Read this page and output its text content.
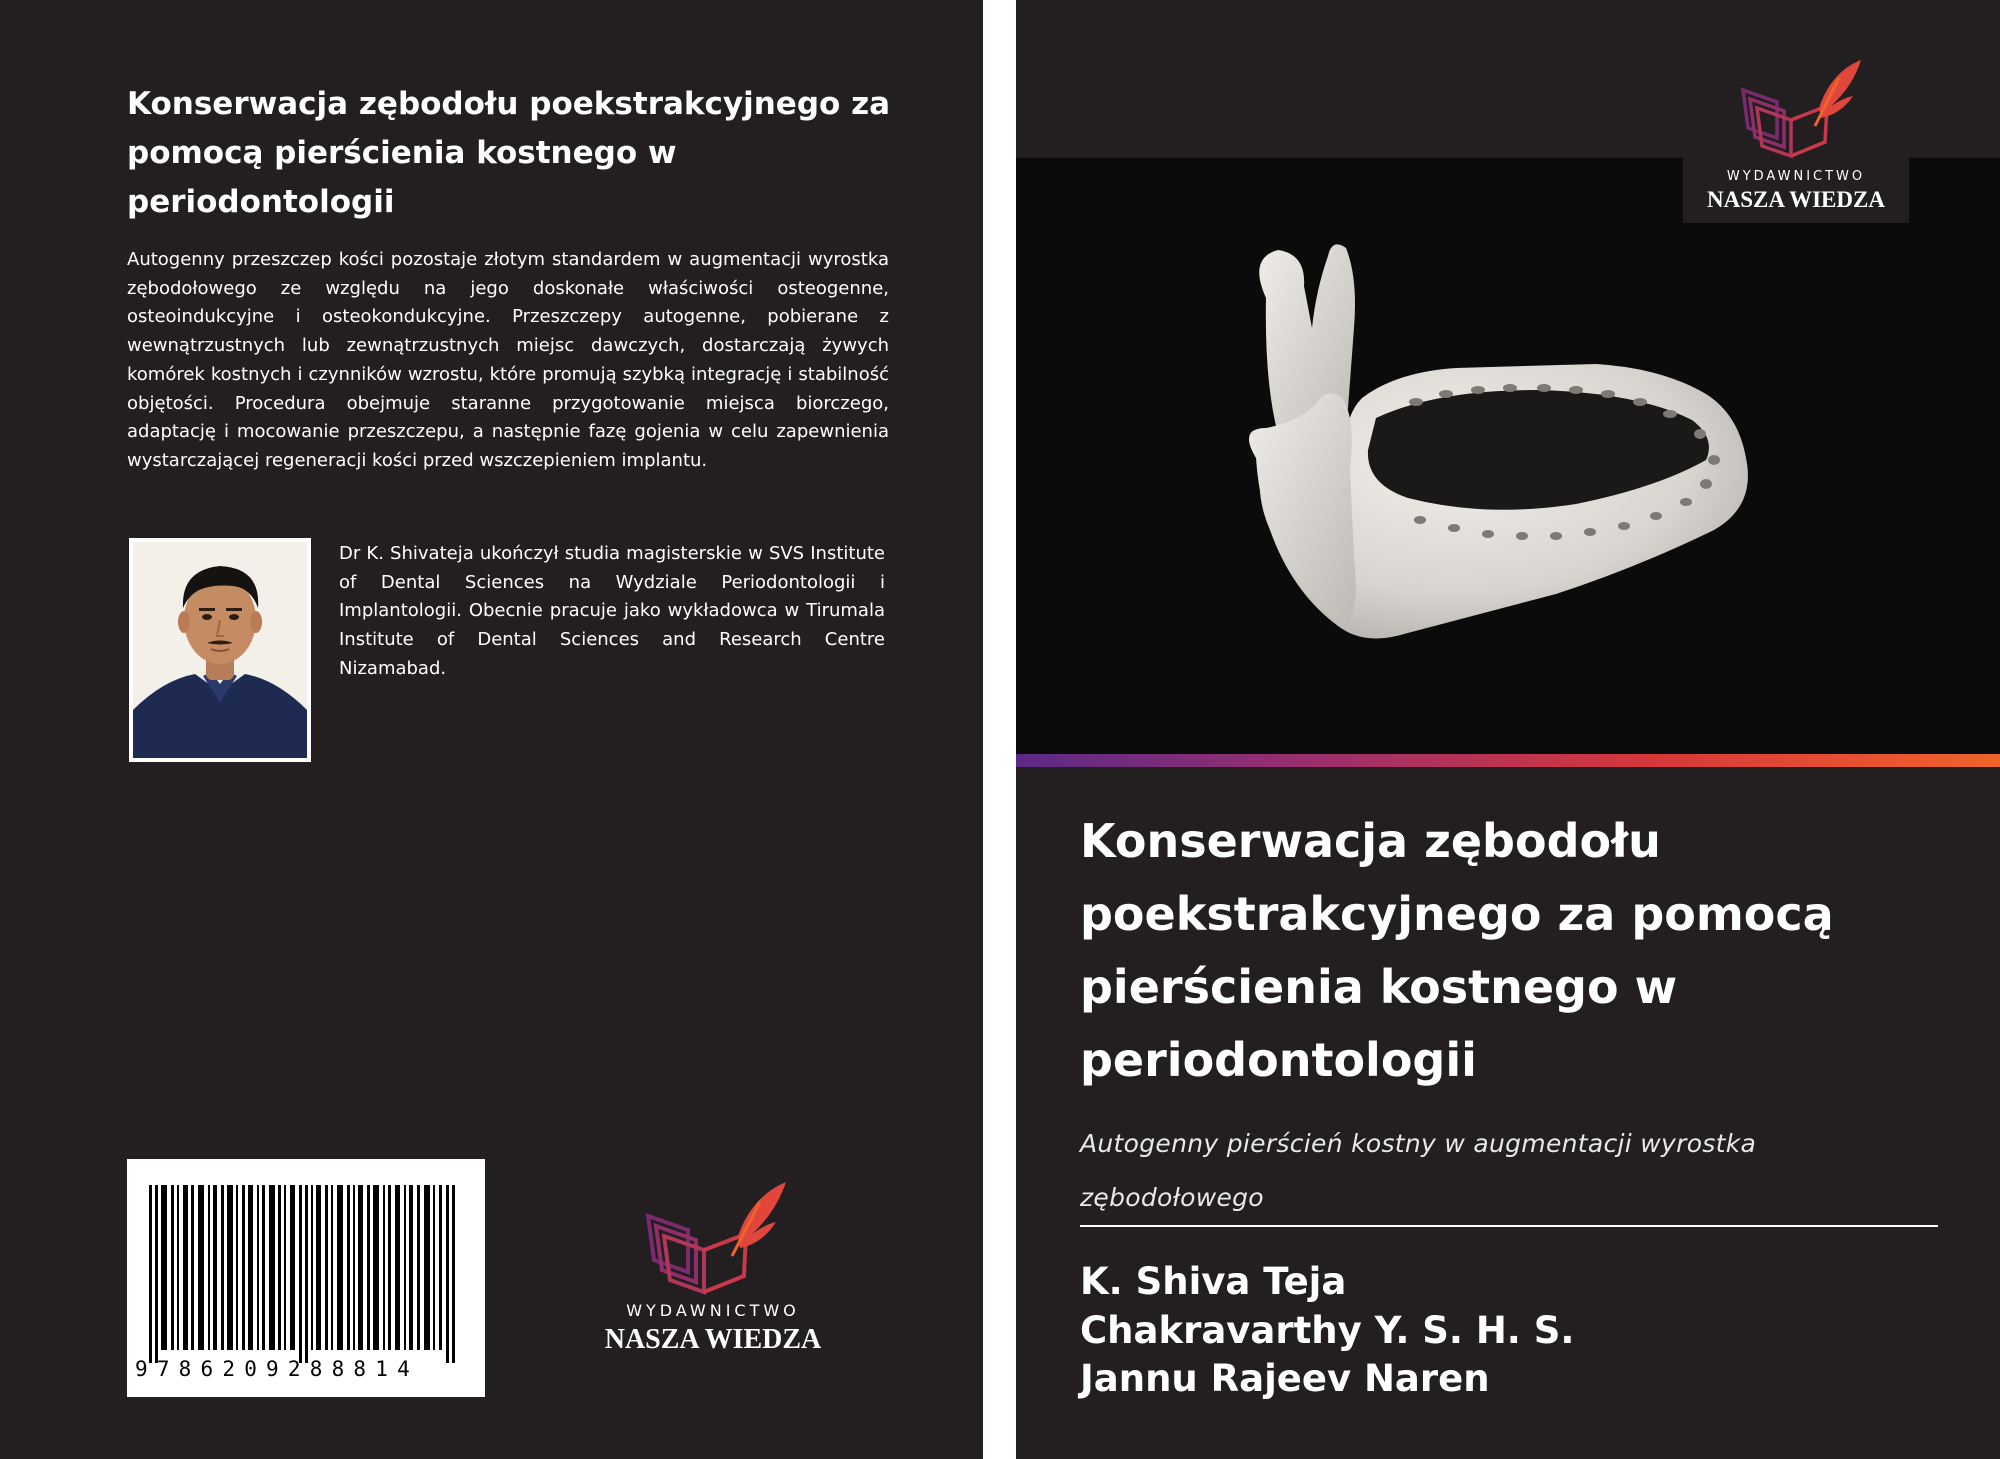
Konserwacja zębodołu poekstrakcyjnego za pomocą pierścienia kostnego w periodontologii
Autogenny przeszczep kości pozostaje złotym standardem w augmentacji wyrostka zębodołowego ze względu na jego doskonałe właściwości osteogenne, osteoindukcyjne i osteokondukcyjne. Przeszczepy autogenne, pobierane z wewnątrzustnych lub zewnątrzustnych miejsc dawczych, dostarczają żywych komórek kostnych i czynników wzrostu, które promują szybką integrację i stabilność objętości. Procedura obejmuje staranne przygotowanie miejsca biorczego, adaptację i mocowanie przeszczepu, a następnie fazę gojenia w celu zapewnienia wystarczającej regeneracji kości przed wszczepieniem implantu.
Dr K. Shivateja ukończył studia magisterskie w SVS Institute of Dental Sciences na Wydziale Periodontologii i Implantologii. Obecnie pracuje jako wykładowca w Tirumala Institute of Dental Sciences and Research Centre Nizamabad.
9786209288814
WYDAWNICTWO
NASZA WIEDZA
WYDAWNICTWO
NASZA WIEDZA
Konserwacja zębodołu poekstrakcyjnego za pomocą pierścienia kostnego w periodontologii
Autogenny pierścień kostny w augmentacji wyrostka zębodołowego
K. Shiva Teja
Chakravarthy Y. S. H. S.
Jannu Rajeev Naren
